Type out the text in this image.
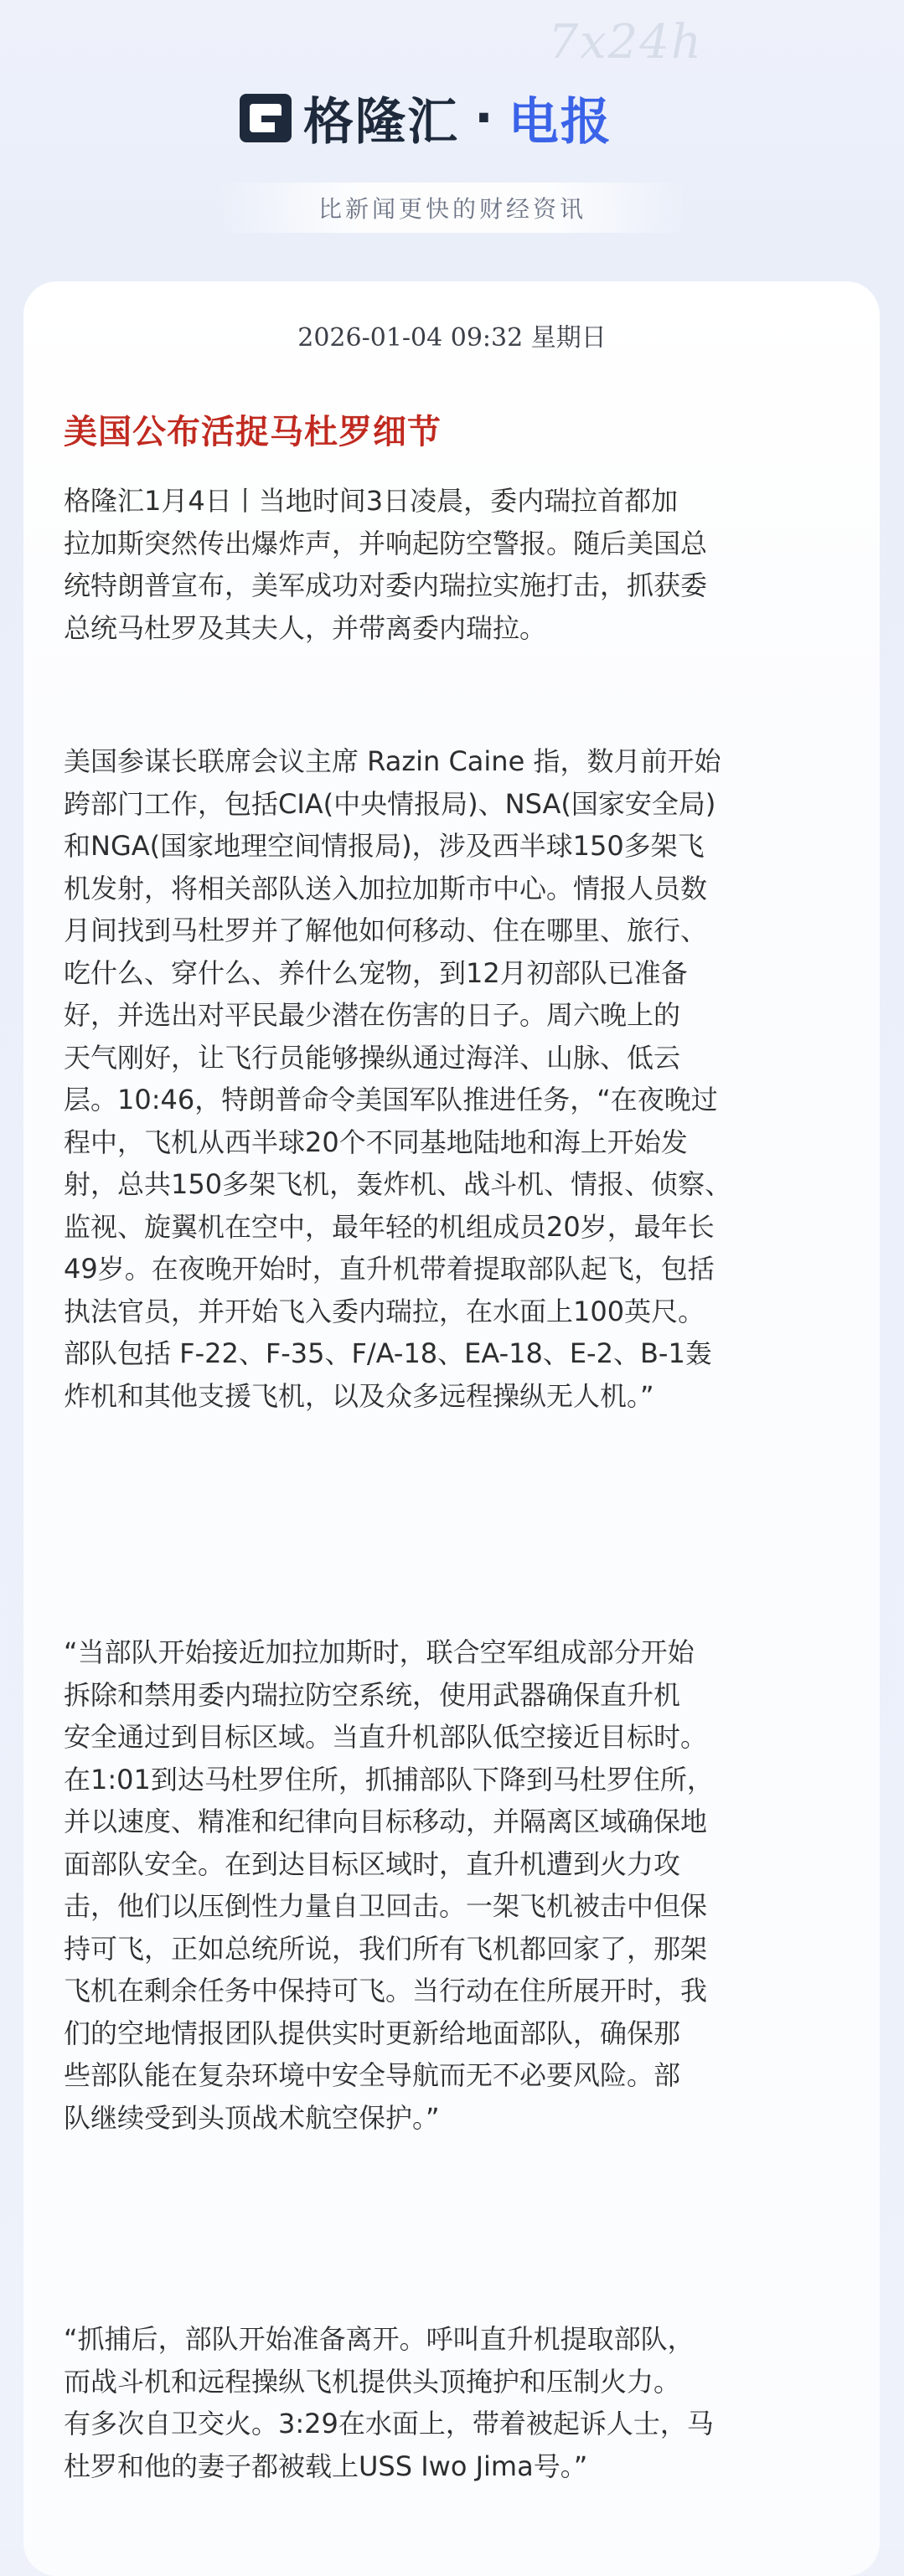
7x24h
格隆汇 · 电报
比新闻更快的财经资讯
2026-01-04 09:32 星期日
美国公布活捉马杜罗细节

格隆汇1月4日丨当地时间3日凌晨，委内瑞拉首都加
拉加斯突然传出爆炸声，并响起防空警报。随后美国总
统特朗普宣布，美军成功对委内瑞拉实施打击，抓获委
总统马杜罗及其夫人，并带离委内瑞拉。

美国参谋长联席会议主席 Razin Caine 指，数月前开始
跨部门工作，包括CIA(中央情报局)、NSA(国家安全局)
和NGA(国家地理空间情报局)，涉及西半球150多架飞
机发射，将相关部队送入加拉加斯市中心。情报人员数
月间找到马杜罗并了解他如何移动、住在哪里、旅行、
吃什么、穿什么、养什么宠物，到12月初部队已准备
好，并选出对平民最少潜在伤害的日子。周六晚上的
天气刚好，让飞行员能够操纵通过海洋、山脉、低云
层。10:46，特朗普命令美国军队推进任务，“在夜晚过
程中，飞机从西半球20个不同基地陆地和海上开始发
射，总共150多架飞机，轰炸机、战斗机、情报、侦察、
监视、旋翼机在空中，最年轻的机组成员20岁，最年长
49岁。在夜晚开始时，直升机带着提取部队起飞，包括
执法官员，并开始飞入委内瑞拉，在水面上100英尺。
部队包括 F-22、F-35、F/A-18、EA-18、E-2、B-1轰
炸机和其他支援飞机，以及众多远程操纵无人机。”

“当部队开始接近加拉加斯时，联合空军组成部分开始
拆除和禁用委内瑞拉防空系统，使用武器确保直升机
安全通过到目标区域。当直升机部队低空接近目标时。
在1:01到达马杜罗住所，抓捕部队下降到马杜罗住所，
并以速度、精准和纪律向目标移动，并隔离区域确保地
面部队安全。在到达目标区域时，直升机遭到火力攻
击，他们以压倒性力量自卫回击。一架飞机被击中但保
持可飞，正如总统所说，我们所有飞机都回家了，那架
飞机在剩余任务中保持可飞。当行动在住所展开时，我
们的空地情报团队提供实时更新给地面部队，确保那
些部队能在复杂环境中安全导航而无不必要风险。部
队继续受到头顶战术航空保护。”

“抓捕后，部队开始准备离开。呼叫直升机提取部队，
而战斗机和远程操纵飞机提供头顶掩护和压制火力。
有多次自卫交火。3:29在水面上，带着被起诉人士，马
杜罗和他的妻子都被载上USS Iwo Jima号。”
